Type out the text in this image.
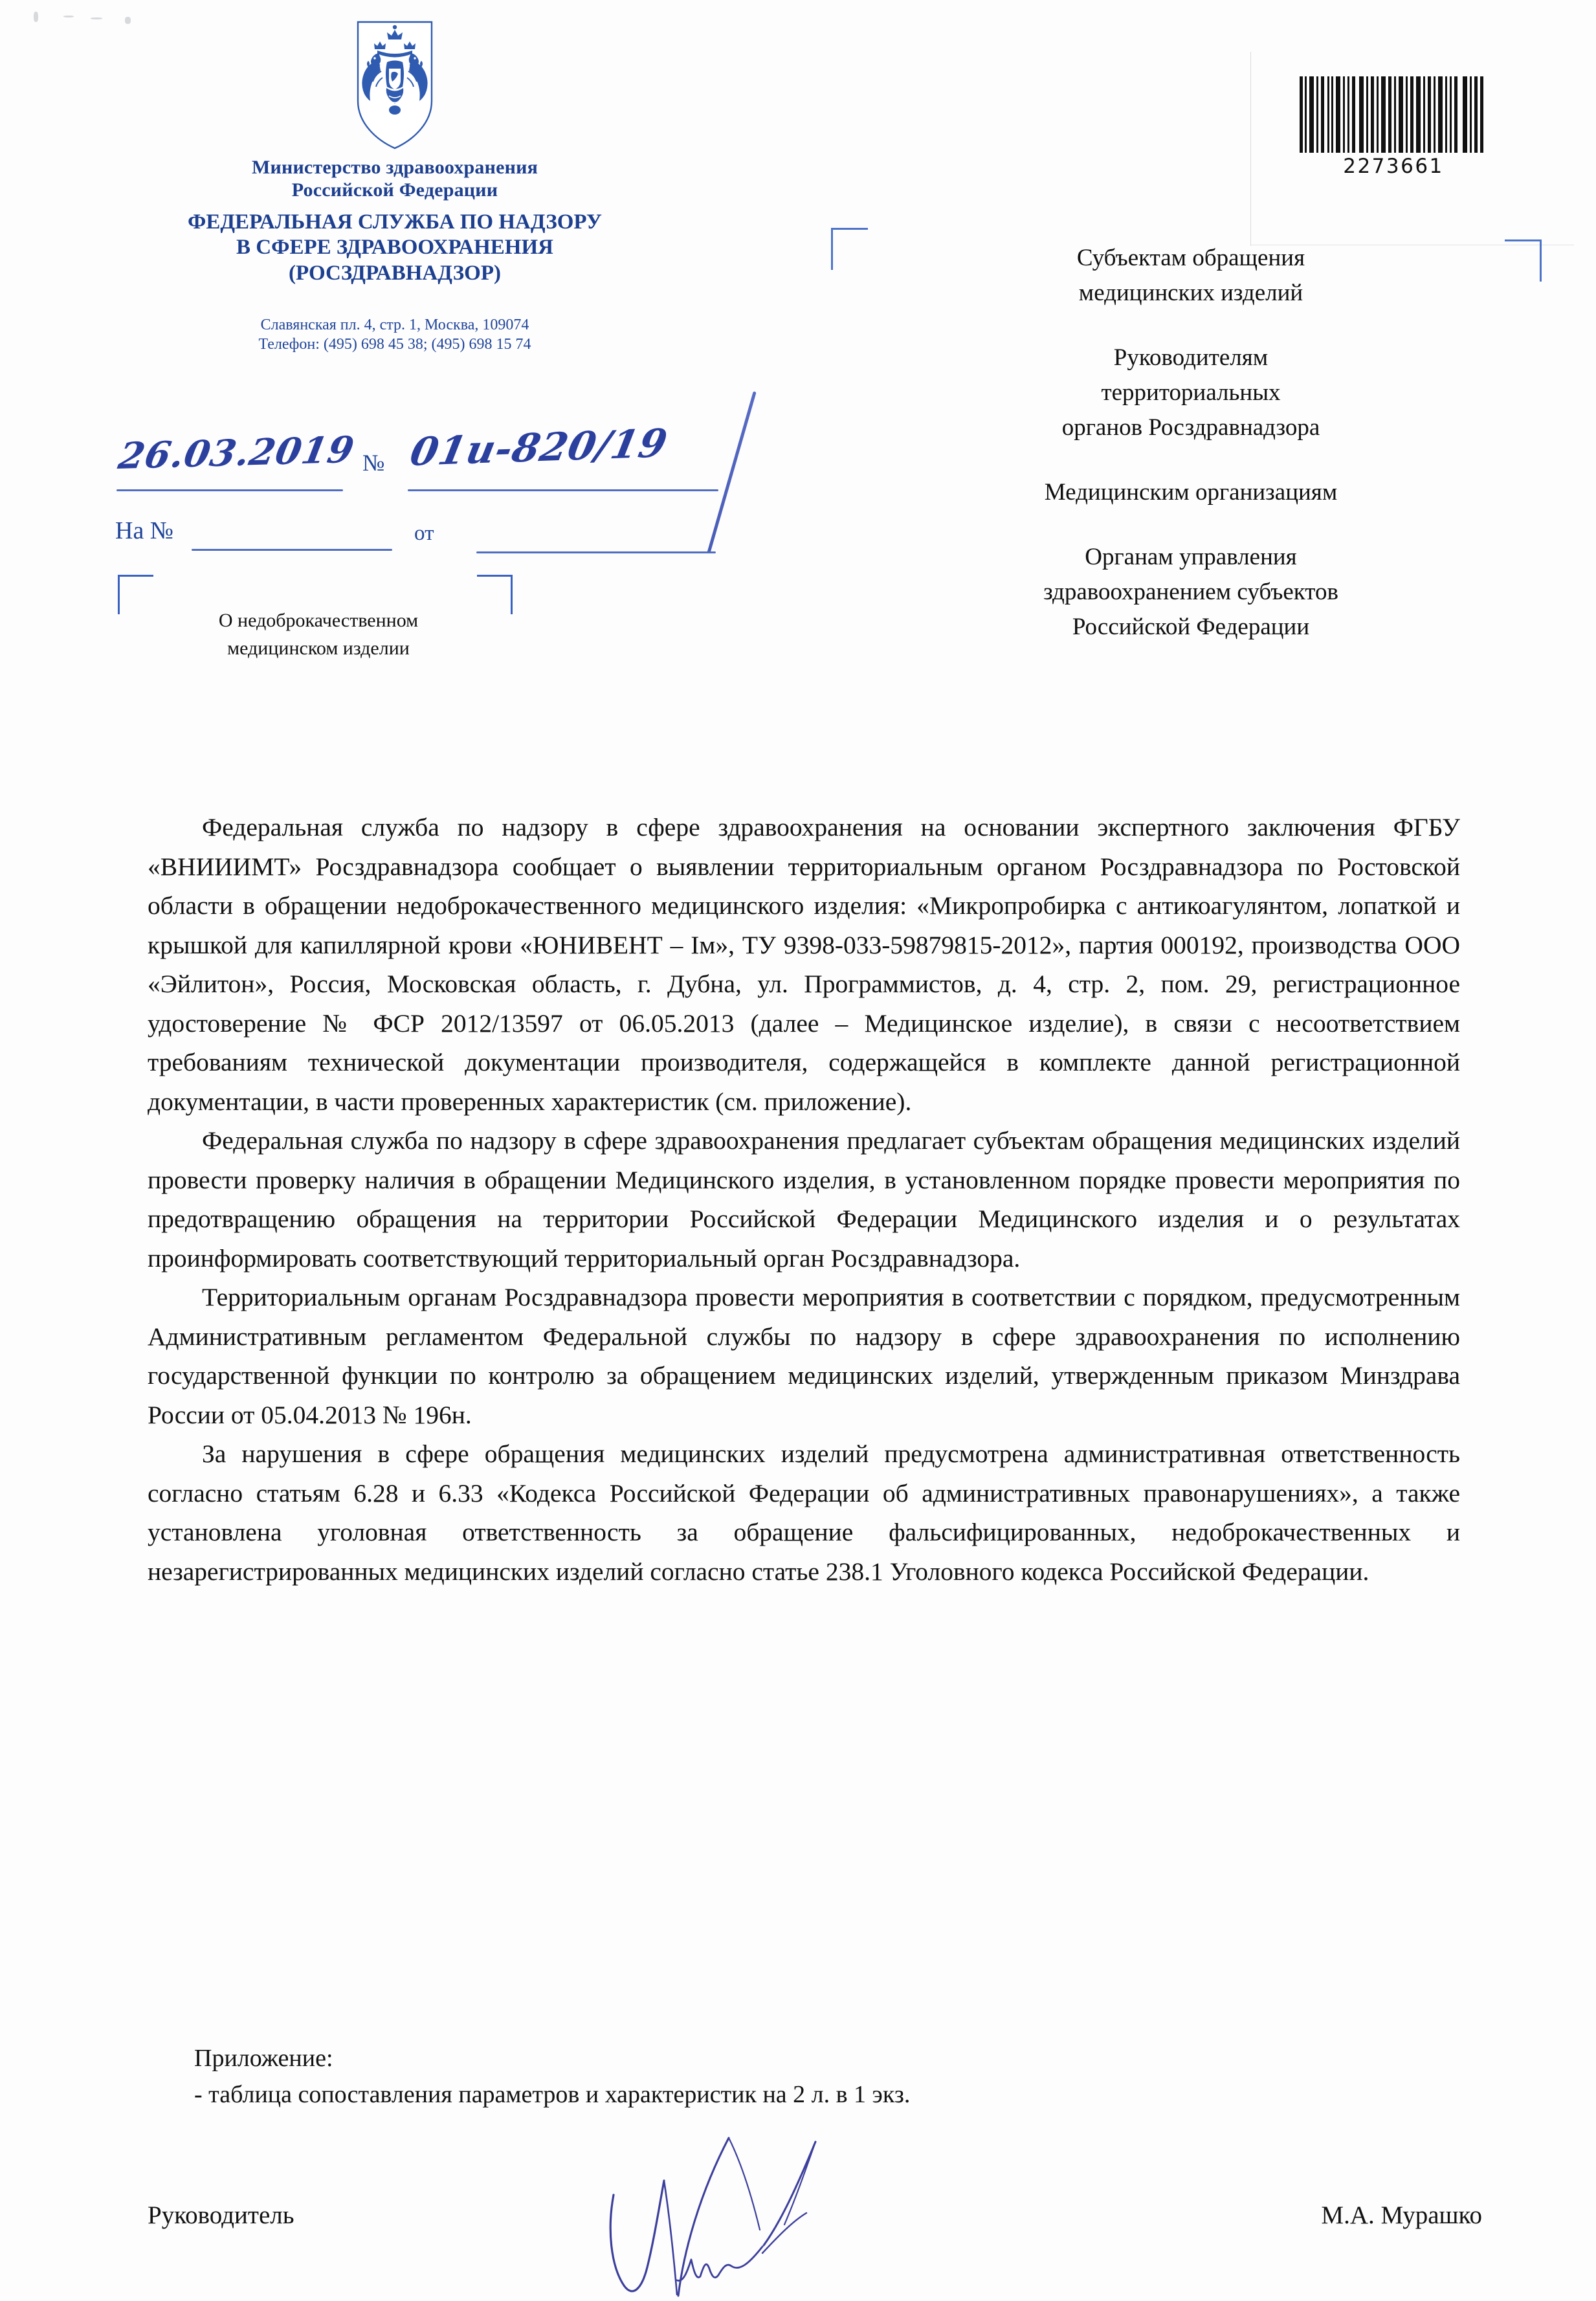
Министерство здравоохранения
Российской Федерации
ФЕДЕРАЛЬНАЯ СЛУЖБА ПО НАДЗОРУ
В СФЕРЕ ЗДРАВООХРАНЕНИЯ
(РОСЗДРАВНАДЗОР)
Славянская пл. 4, стр. 1, Москва, 109074
Телефон: (495) 698 45 38; (495) 698 15 74
2273661
26.03.2019 № 01и-820/19
На №	от
О недоброкачественном
медицинском изделии
Субъектам обращения
медицинских изделий
Руководителям
территориальных
органов Росздравнадзора
Медицинским организациям
Органам управления
здравоохранением субъектов
Российской Федерации

Федеральная служба по надзору в сфере здравоохранения на основании экспертного заключения ФГБУ «ВНИИИМТ» Росздравнадзора сообщает о выявлении территориальным органом Росздравнадзора по Ростовской области в обращении недоброкачественного медицинского изделия: «Микропробирка с антикоагулянтом, лопаткой и крышкой для капиллярной крови «ЮНИВЕНТ – Iм», ТУ 9398-033-59879815-2012», партия 000192, производства ООО «Эйлитон», Россия, Московская область, г. Дубна, ул. Программистов, д. 4, стр. 2, пом. 29, регистрационное удостоверение № ФСР 2012/13597 от 06.05.2013 (далее – Медицинское изделие), в связи с несоответствием требованиям технической документации производителя, содержащейся в комплекте данной регистрационной документации, в части проверенных характеристик (см. приложение).

Федеральная служба по надзору в сфере здравоохранения предлагает субъектам обращения медицинских изделий провести проверку наличия в обращении Медицинского изделия, в установленном порядке провести мероприятия по предотвращению обращения на территории Российской Федерации Медицинского изделия и о результатах проинформировать соответствующий территориальный орган Росздравнадзора.

Территориальным органам Росздравнадзора провести мероприятия в соответствии с порядком, предусмотренным Административным регламентом Федеральной службы по надзору в сфере здравоохранения по исполнению государственной функции по контролю за обращением медицинских изделий, утвержденным приказом Минздрава России от 05.04.2013 № 196н.

За нарушения в сфере обращения медицинских изделий предусмотрена административная ответственность согласно статьям 6.28 и 6.33 «Кодекса Российской Федерации об административных правонарушениях», а также установлена уголовная ответственность за обращение фальсифицированных, недоброкачественных и незарегистрированных медицинских изделий согласно статье 238.1 Уголовного кодекса Российской Федерации.

Приложение:
- таблица сопоставления параметров и характеристик на 2 л. в 1 экз.
Руководитель	М.А. Мурашко
